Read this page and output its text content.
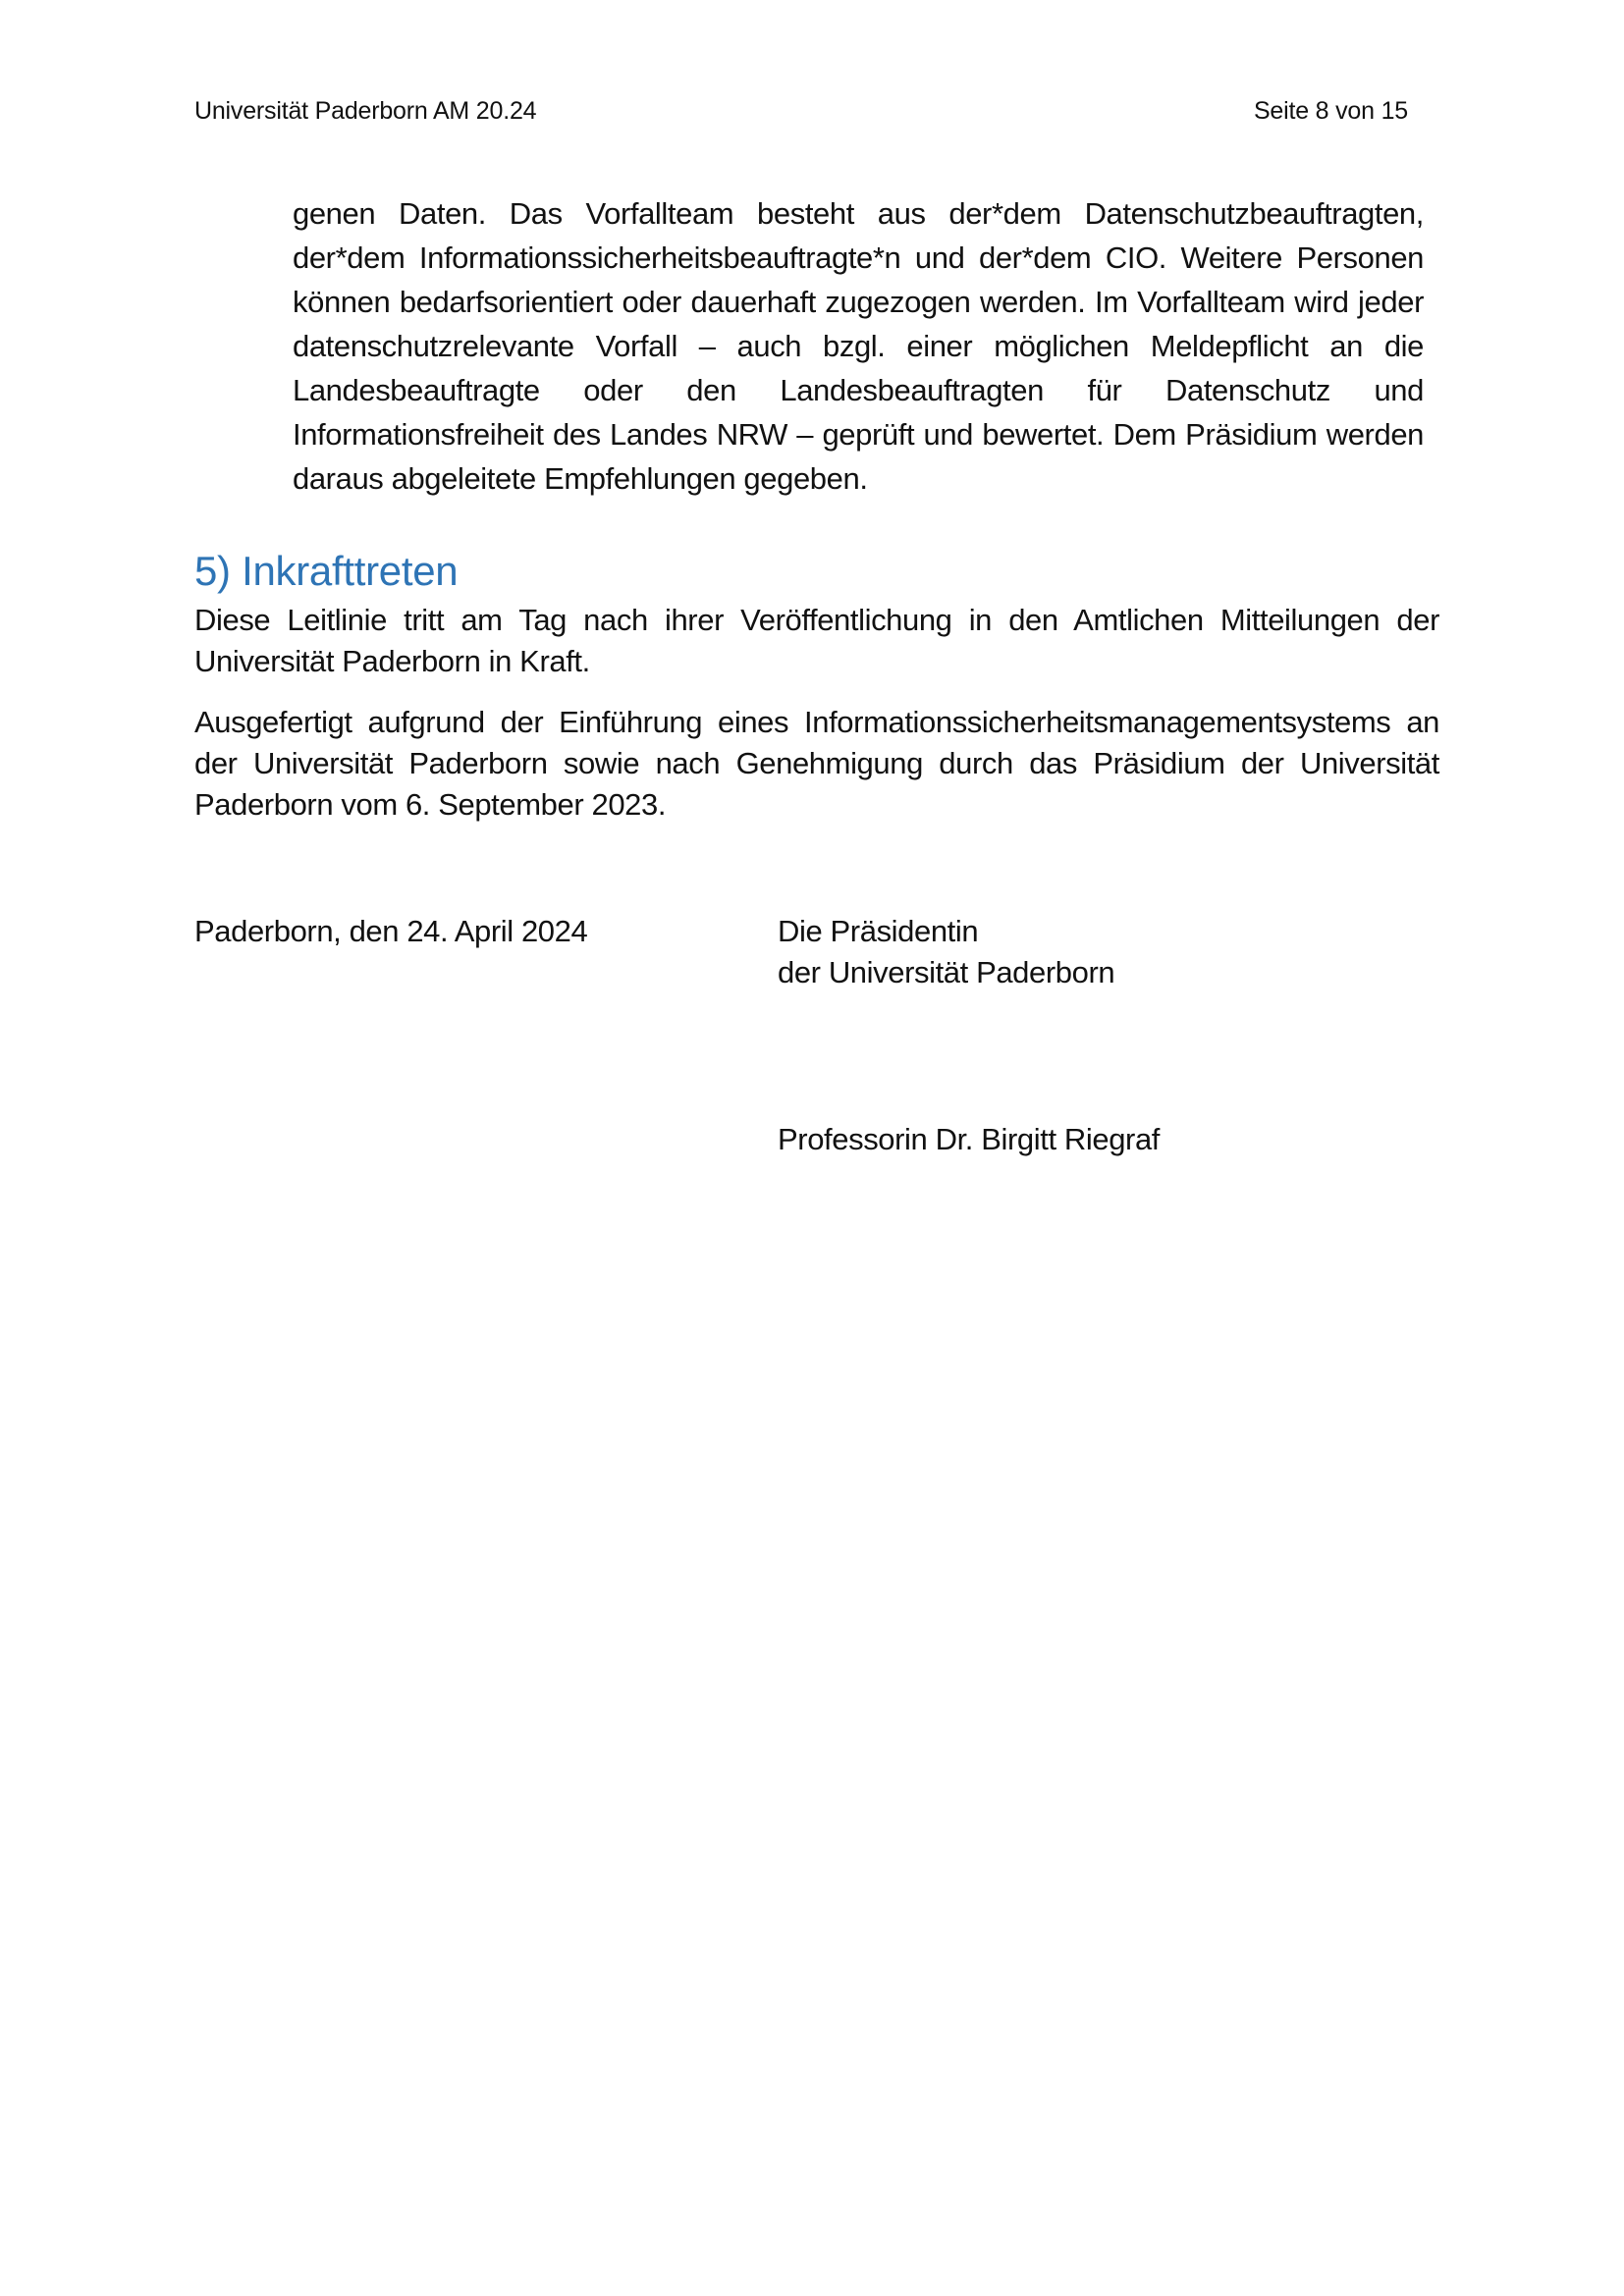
Universität Paderborn AM 20.24	Seite 8 von 15

genen Daten. Das Vorfallteam besteht aus der*dem Datenschutzbeauftragten, der*dem Informationssicherheitsbeauftragte*n und der*dem CIO. Weitere Personen können bedarfsorientiert oder dauerhaft zugezogen werden. Im Vorfallteam wird jeder datenschutzrelevante Vorfall – auch bzgl. einer möglichen Meldepflicht an die Landesbeauftragte oder den Landesbeauftragten für Datenschutz und Informationsfreiheit des Landes NRW – geprüft und bewertet. Dem Präsidium werden daraus abgeleitete Empfehlungen gegeben.

5) Inkrafttreten

Diese Leitlinie tritt am Tag nach ihrer Veröffentlichung in den Amtlichen Mitteilungen der Universität Paderborn in Kraft.

Ausgefertigt aufgrund der Einführung eines Informationssicherheitsmanagementsystems an der Universität Paderborn sowie nach Genehmigung durch das Präsidium der Universität Paderborn vom 6. September 2023.

Paderborn, den 24. April 2024	Die Präsidentin
der Universität Paderborn
Professorin Dr. Birgitt Riegraf
